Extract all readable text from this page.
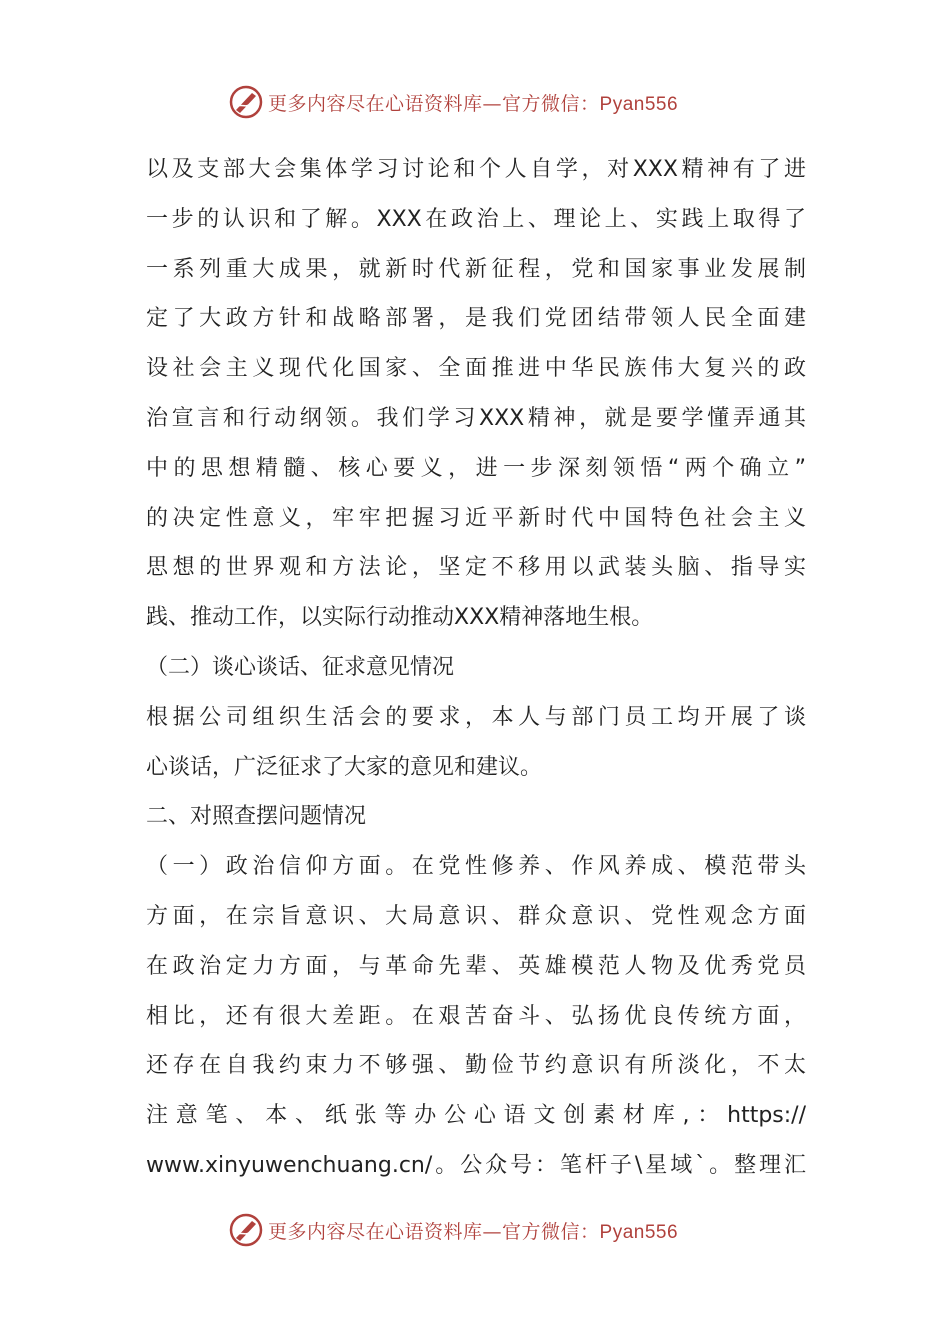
更多内容尽在心语资料库—官方微信：Pyan556
以及支部大会集体学习讨论和个人自学，对XXX精神有了进
一步的认识和了解。XXX在政治上、理论上、实践上取得了
一系列重大成果，就新时代新征程，党和国家事业发展制
定了大政方针和战略部署，是我们党团结带领人民全面建
设社会主义现代化国家、全面推进中华民族伟大复兴的政
治宣言和行动纲领。我们学习XXX精神，就是要学懂弄通其
中的思想精髓、核心要义，进一步深刻领悟“两个确立”
的决定性意义，牢牢把握习近平新时代中国特色社会主义
思想的世界观和方法论，坚定不移用以武装头脑、指导实
践、推动工作，以实际行动推动XXX精神落地生根。
（二）谈心谈话、征求意见情况
根据公司组织生活会的要求，本人与部门员工均开展了谈
心谈话，广泛征求了大家的意见和建议。
二、对照查摆问题情况
（一）政治信仰方面。在党性修养、作风养成、模范带头
方面，在宗旨意识、大局意识、群众意识、党性观念方面
在政治定力方面，与革命先辈、英雄模范人物及优秀党员
相比，还有很大差距。在艰苦奋斗、弘扬优良传统方面，
还存在自我约束力不够强、勤俭节约意识有所淡化，不太
注意笔、本、纸张等办公心语文创素材库,：https://
www.xinyuwenchuang.cn/。公众号：笔杆子\星域`。整理汇
更多内容尽在心语资料库—官方微信：Pyan556
